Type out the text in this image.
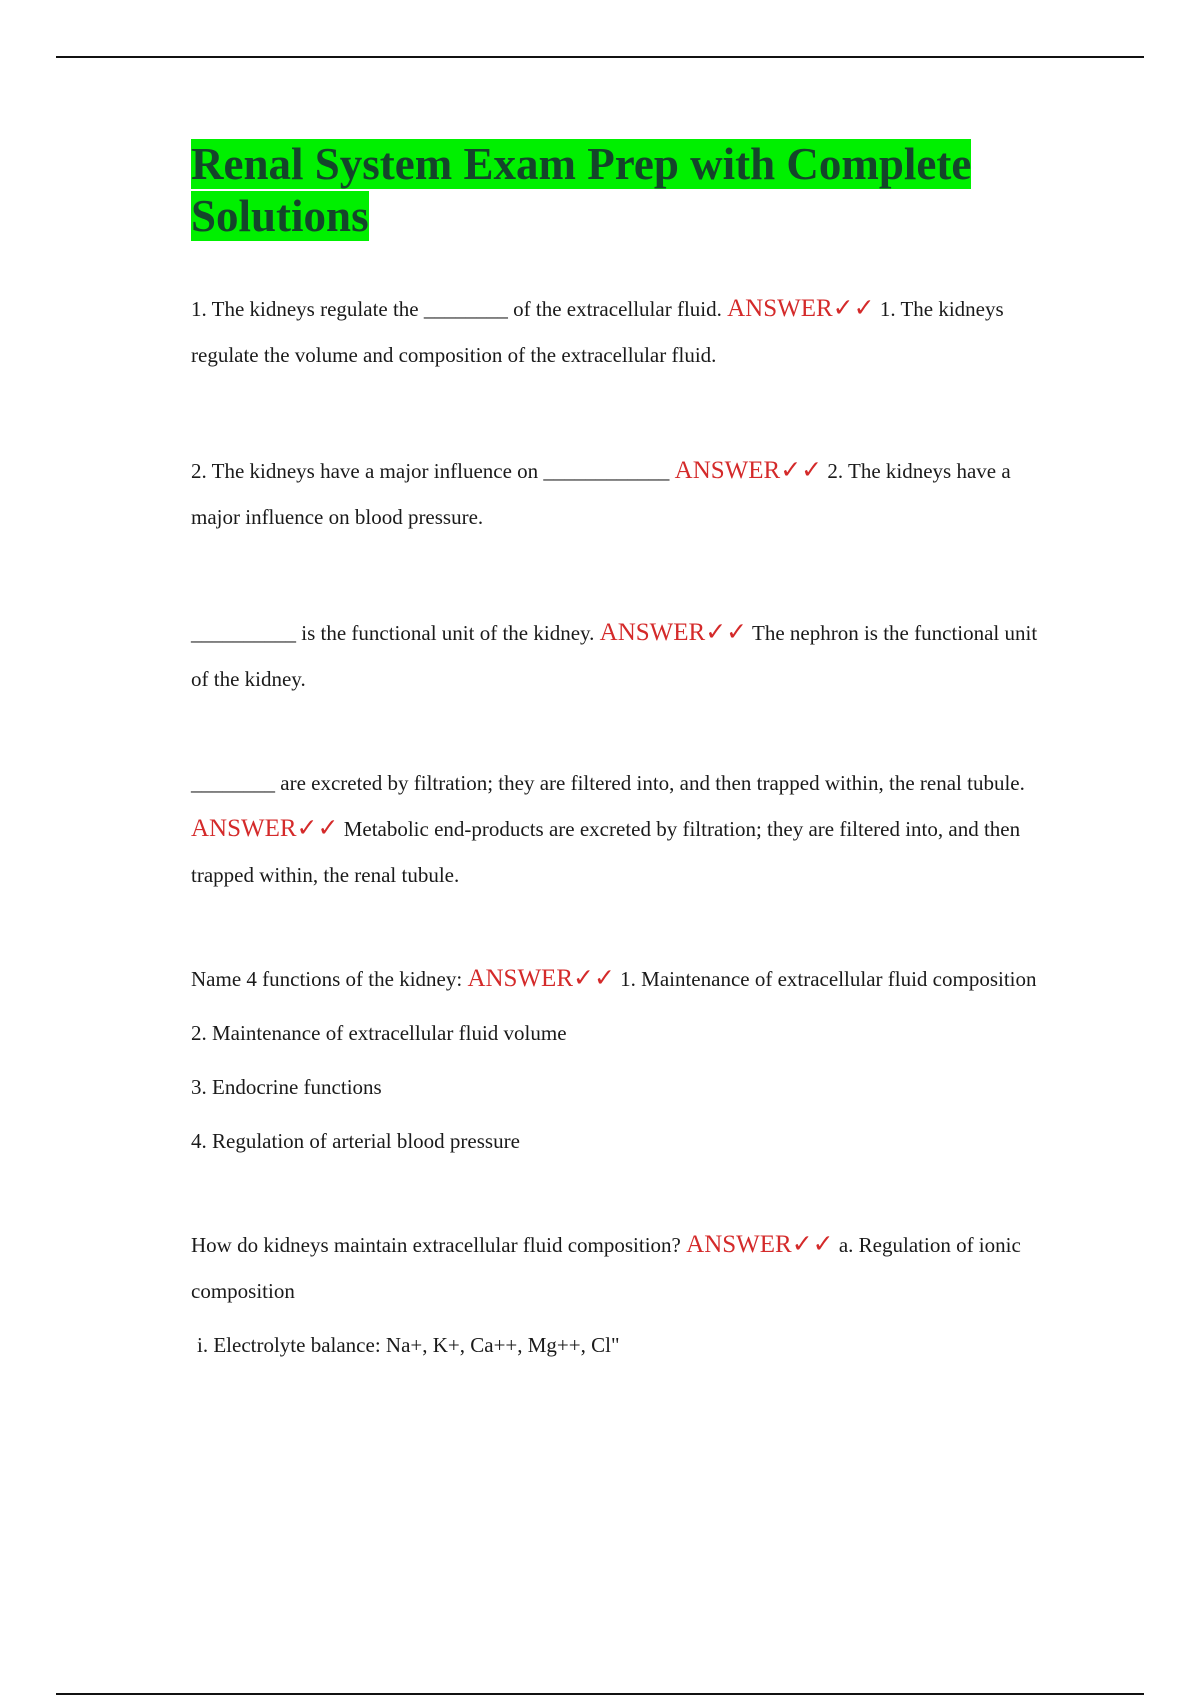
Renal System Exam Prep with Complete Solutions

1. The kidneys regulate the ________ of the extracellular fluid. ANSWER✓✓ 1. The kidneys regulate the volume and composition of the extracellular fluid.

2. The kidneys have a major influence on ____________ ANSWER✓✓ 2. The kidneys have a major influence on blood pressure.

__________ is the functional unit of the kidney. ANSWER✓✓ The nephron is the functional unit of the kidney.

________ are excreted by filtration; they are filtered into, and then trapped within, the renal tubule. ANSWER✓✓ Metabolic end-products are excreted by filtration; they are filtered into, and then trapped within, the renal tubule.

Name 4 functions of the kidney: ANSWER✓✓ 1. Maintenance of extracellular fluid composition

2. Maintenance of extracellular fluid volume

3. Endocrine functions

4. Regulation of arterial blood pressure

How do kidneys maintain extracellular fluid composition? ANSWER✓✓ a. Regulation of ionic composition

i. Electrolyte balance: Na+, K+, Ca++, Mg++, Cl"
